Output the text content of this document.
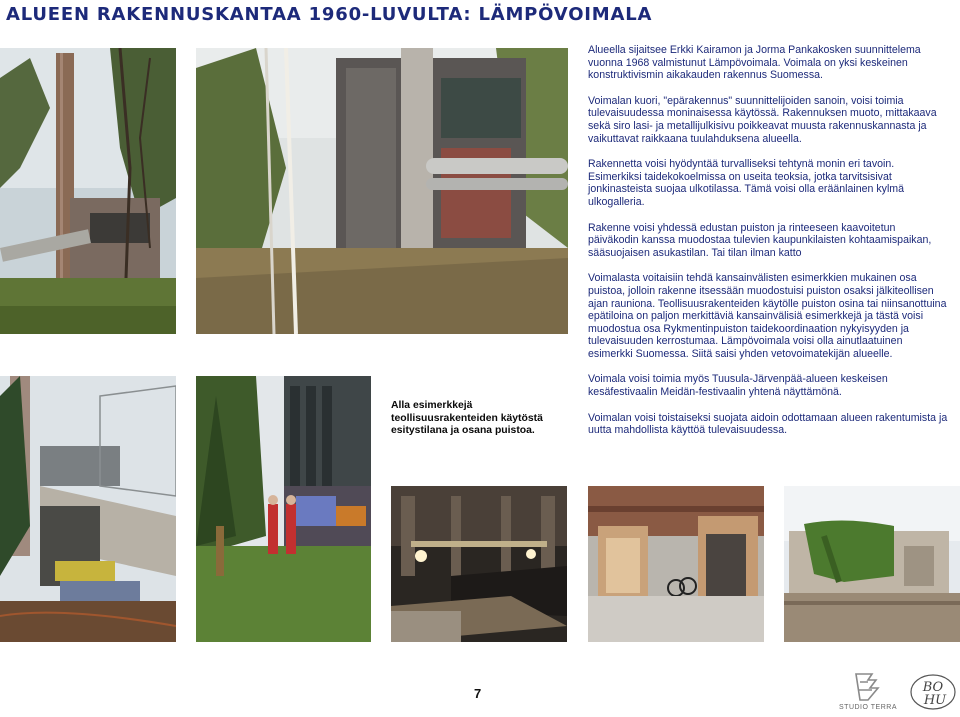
ALUEEN RAKENNUSKANTAA 1960-LUVULTA: LÄMPÖVOIMALA

Alueella sijaitsee Erkki Kairamon ja Jorma Pankakosken suunnittelema vuonna 1968 valmistunut Lämpövoimala. Voimala on yksi keskeinen konstruktivismin aikakauden rakennus Suomessa.

Voimalan kuori, "epärakennus" suunnittelijoiden sanoin, voisi toimia tulevaisuudessa moninaisessa käytössä. Rakennuksen muoto, mittakaava sekä siro lasi- ja metallijulkisivu poikkeavat muusta rakennuskannasta ja vaikuttavat raikkaana tuulahduksena alueella.

Rakennetta voisi hyödyntää turvalliseksi tehtynä monin eri tavoin. Esimerkiksi taidekokoelmissa on useita teoksia, jotka tarvitsisivat jonkinasteista suojaa ulkotilassa. Tämä voisi olla eräänlainen kylmä ulkogalleria.

Rakenne voisi yhdessä edustan puiston ja rinteeseen kaavoitetun päiväkodin kanssa muodostaa tulevien kaupunkilaisten kohtaamispaikan, sääsuojaisen asukastilan. Tai tilan ilman katto

Voimalasta voitaisiin tehdä kansainvälisten esimerkkien mukainen osa puistoa, jolloin rakenne itsessään muodostuisi puiston osaksi jälkiteollisen ajan rauniona. Teollisuusrakenteiden käytölle puiston osina tai niinsanottuina epätiloina on paljon merkittäviä kansainvälisiä esimerkkejä ja tästä voisi muodostua osa Rykmentinpuiston taidekoordinaation nykyisyyden ja tulevaisuuden kerrostumaa. Lämpövoimala voisi olla ainutlaatuinen esimerkki Suomessa. Siitä saisi yhden vetovoimatekijän alueelle.

Voimala voisi toimia myös Tuusula-Järvenpää-alueen keskeisen kesäfestivaalin Meidän-festivaalin yhtenä näyttämönä.

Voimalan voisi toistaiseksi suojata aidoin odottamaan alueen rakentumista ja uutta mahdollista käyttöä tulevaisuudessa.

Alla esimerkkejä teollisuusrakenteiden käytöstä esitystilana ja osana puistoa.
7
STUDIO TERRA
BO
HU
